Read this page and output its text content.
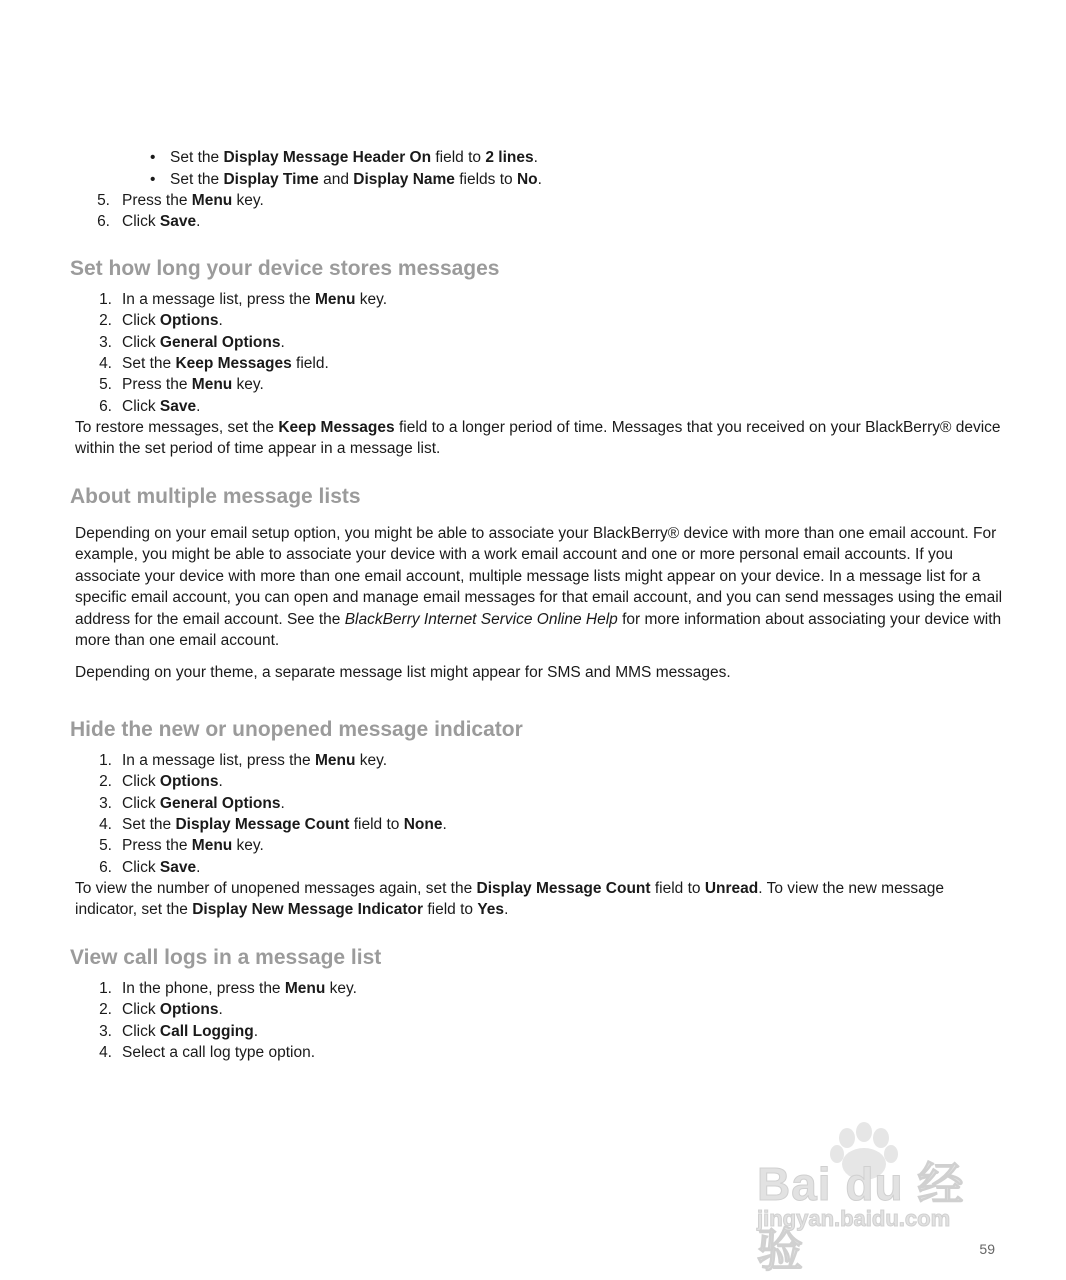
• Set the Display Message Header On field to 2 lines.
• Set the Display Time and Display Name fields to No.
5. Press the Menu key.
6. Click Save.
Set how long your device stores messages
1. In a message list, press the Menu key.
2. Click Options.
3. Click General Options.
4. Set the Keep Messages field.
5. Press the Menu key.
6. Click Save.
To restore messages, set the Keep Messages field to a longer period of time. Messages that you received on your BlackBerry® device within the set period of time appear in a message list.
About multiple message lists
Depending on your email setup option, you might be able to associate your BlackBerry® device with more than one email account. For example, you might be able to associate your device with a work email account and one or more personal email accounts. If you associate your device with more than one email account, multiple message lists might appear on your device. In a message list for a specific email account, you can open and manage email messages for that email account, and you can send messages using the email address for the email account. See the BlackBerry Internet Service Online Help for more information about associating your device with more than one email account.
Depending on your theme, a separate message list might appear for SMS and MMS messages.
Hide the new or unopened message indicator
1. In a message list, press the Menu key.
2. Click Options.
3. Click General Options.
4. Set the Display Message Count field to None.
5. Press the Menu key.
6. Click Save.
To view the number of unopened messages again, set the Display Message Count field to Unread. To view the new message indicator, set the Display New Message Indicator field to Yes.
View call logs in a message list
1. In the phone, press the Menu key.
2. Click Options.
3. Click Call Logging.
4. Select a call log type option.
Bai du 经验
jingyan.baidu.com
59
